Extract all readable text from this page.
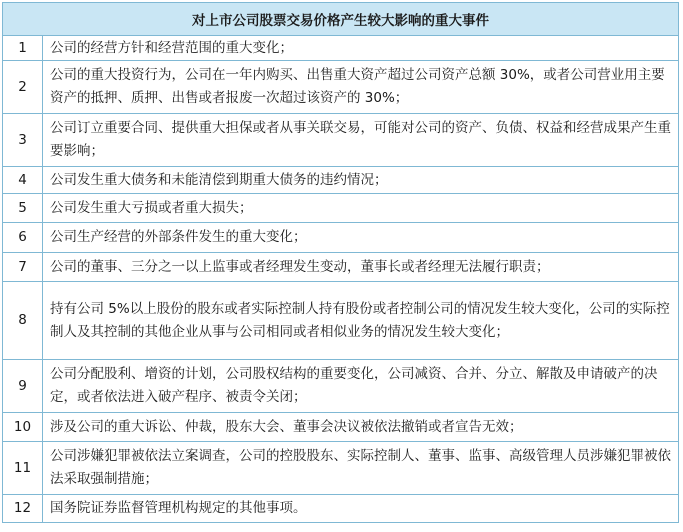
对上市公司股票交易价格产生较大影响的重大事件	
1	公司的经营方针和经营范围的重大变化；
2	公司的重大投资行为，公司在一年内购买、出售重大资产超过公司资产总额 30%，或者公司营业用主要资产的抵押、质押、出售或者报废一次超过该资产的 30%；
3	公司订立重要合同、提供重大担保或者从事关联交易，可能对公司的资产、负债、权益和经营成果产生重要影响；
4	公司发生重大债务和未能清偿到期重大债务的违约情况；
5	公司发生重大亏损或者重大损失；
6	公司生产经营的外部条件发生的重大变化；
7	公司的董事、三分之一以上监事或者经理发生变动，董事长或者经理无法履行职责；
8	持有公司 5%以上股份的股东或者实际控制人持有股份或者控制公司的情况发生较大变化，公司的实际控制人及其控制的其他企业从事与公司相同或者相似业务的情况发生较大变化；
9	公司分配股利、增资的计划，公司股权结构的重要变化，公司减资、合并、分立、解散及申请破产的决定，或者依法进入破产程序、被责令关闭；
10	涉及公司的重大诉讼、仲裁，股东大会、董事会决议被依法撤销或者宣告无效；
11	公司涉嫌犯罪被依法立案调查，公司的控股股东、实际控制人、董事、监事、高级管理人员涉嫌犯罪被依法采取强制措施；
12	国务院证券监督管理机构规定的其他事项。
